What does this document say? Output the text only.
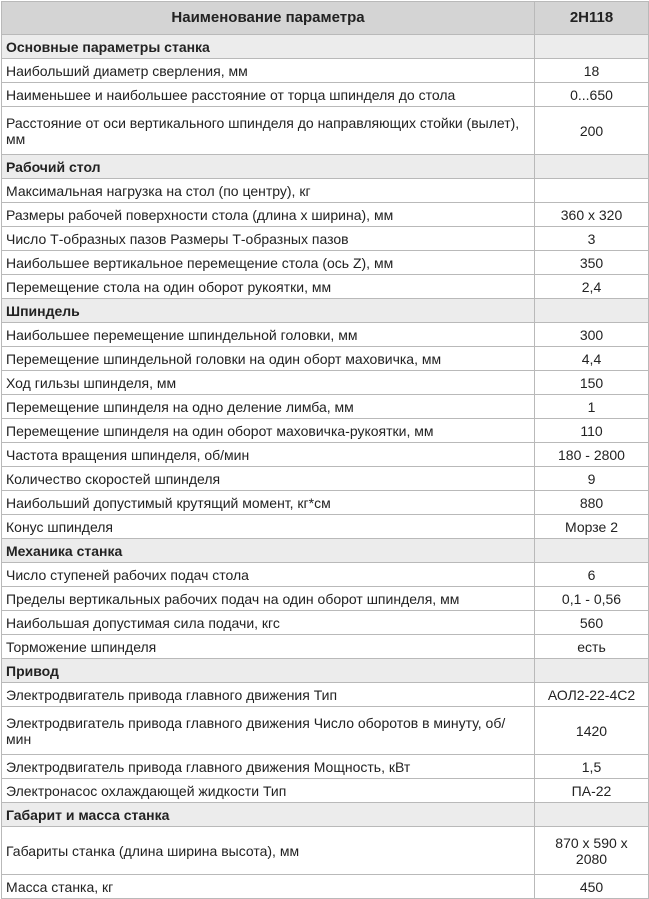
Наименование параметра	2Н118
Основные параметры станка	
Наибольший диаметр сверления, мм	18
Наименьшее и наибольшее расстояние от торца шпинделя до стола	0...650
Расстояние от оси вертикального шпинделя до направляющих стойки (вылет), мм	200
Рабочий стол	
Максимальная нагрузка на стол (по центру), кг	
Размеры рабочей поверхности стола (длина х ширина), мм	360 х 320
Число Т-образных пазов Размеры Т-образных пазов	3
Наибольшее вертикальное перемещение стола (ось Z), мм	350
Перемещение стола на один оборот рукоятки, мм	2,4
Шпиндель	
Наибольшее перемещение шпиндельной головки, мм	300
Перемещение шпиндельной головки на один оборт маховичка, мм	4,4
Ход гильзы шпинделя, мм	150
Перемещение шпинделя на одно деление лимба, мм	1
Перемещение шпинделя на один оборот маховичка-рукоятки, мм	110
Частота вращения шпинделя, об/мин	180 - 2800
Количество скоростей шпинделя	9
Наибольший допустимый крутящий момент, кг*см	880
Конус шпинделя	Морзе 2
Механика станка	
Число ступеней рабочих подач стола	6
Пределы вертикальных рабочих подач на один оборот шпинделя, мм	0,1 - 0,56
Наибольшая допустимая сила подачи, кгс	560
Торможение шпинделя	есть
Привод	
Электродвигатель привода главного движения Тип	АОЛ2-22-4С2
Электродвигатель привода главного движения Число оборотов в минуту, об/мин	1420
Электродвигатель привода главного движения Мощность, кВт	1,5
Электронасос охлаждающей жидкости Тип	ПА-22
Габарит и масса станка	
Габариты станка (длина ширина высота), мм	870 х 590 х 2080
Масса станка, кг	450
